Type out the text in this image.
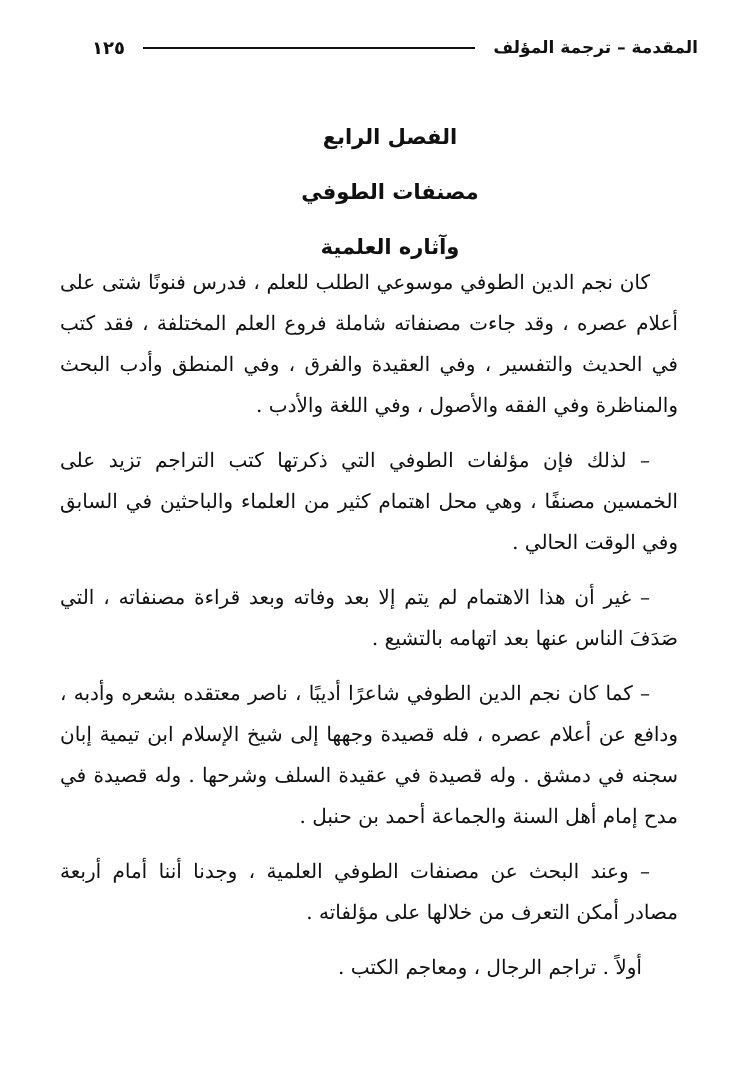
المقدمة – ترجمة المؤلف
١٢٥
الفصل الرابع
مصنفات الطوفي
وآثاره العلمية

كان نجم الدين الطوفي موسوعي الطلب للعلم ، فدرس فنونًا شتى على أعلام عصره ، وقد جاءت مصنفاته شاملة فروع العلم المختلفة ، فقد كتب في الحديث والتفسير ، وفي العقيدة والفرق ، وفي المنطق وأدب البحث والمناظرة وفي الفقه والأصول ، وفي اللغة والأدب .

– لذلك فإن مؤلفات الطوفي التي ذكرتها كتب التراجم تزيد على الخمسين مصنفًا ، وهي محل اهتمام كثير من العلماء والباحثين في السابق وفي الوقت الحالي .

– غير أن هذا الاهتمام لم يتم إلا بعد وفاته وبعد قراءة مصنفاته ، التي صَدَفَ الناس عنها بعد اتهامه بالتشيع .

– كما كان نجم الدين الطوفي شاعرًا أديبًا ، ناصر معتقده بشعره وأدبه ، ودافع عن أعلام عصره ، فله قصيدة وجهها إلى شيخ الإسلام ابن تيمية إبان سجنه في دمشق . وله قصيدة في عقيدة السلف وشرحها . وله قصيدة في مدح إمام أهل السنة والجماعة أحمد بن حنبل .

– وعند البحث عن مصنفات الطوفي العلمية ، وجدنا أننا أمام أربعة مصادر أمكن التعرف من خلالها على مؤلفاته .

أولاً . تراجم الرجال ، ومعاجم الكتب .
